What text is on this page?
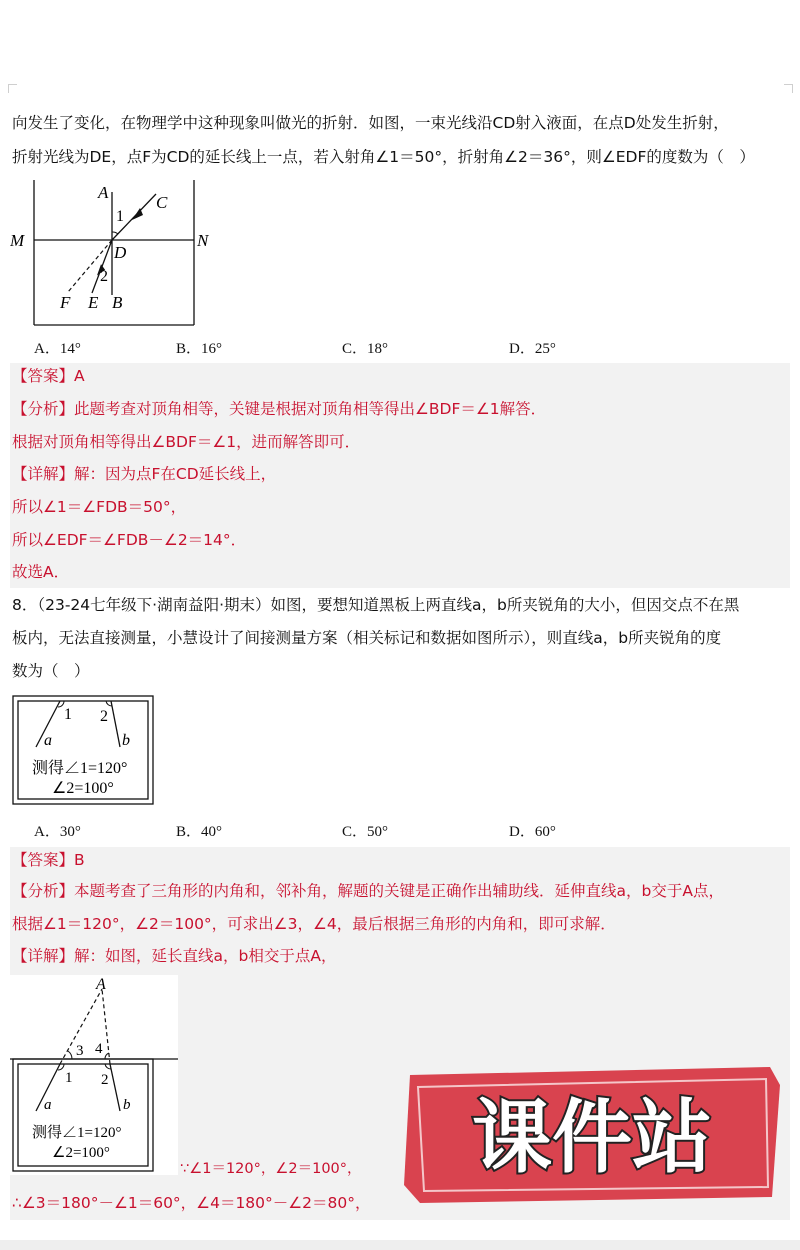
向发生了变化，在物理学中这种现象叫做光的折射．如图，一束光线沿CD射入液面，在点D处发生折射，
折射光线为DE，点F为CD的延长线上一点，若入射角∠1＝50°，折射角∠2＝36°，则∠EDF的度数为（　）
A
C
1
M
D
N
2
F E B
A．14°	B．16°	C．18°	D．25°
【答案】A
【分析】此题考查对顶角相等，关键是根据对顶角相等得出∠BDF＝∠1解答．
根据对顶角相等得出∠BDF＝∠1，进而解答即可．
【详解】解：因为点F在CD延长线上，
所以∠1＝∠FDB＝50°，
所以∠EDF＝∠FDB－∠2＝14°．
故选A．
8．（23-24七年级下·湖南益阳·期末）如图，要想知道黑板上两直线a，b所夹锐角的大小，但因交点不在黑
板内，无法直接测量，小慧设计了间接测量方案（相关标记和数据如图所示），则直线a，b所夹锐角的度
数为（　）
1 2
a	b
测得∠1=120°
∠2=100°
A．30°	B．40°	C．50°	D．60°
【答案】B
【分析】本题考查了三角形的内角和，邻补角，解题的关键是正确作出辅助线．延伸直线a，b交于A点，
根据∠1＝120°，∠2＝100°，可求出∠3，∠4，最后根据三角形的内角和，即可求解．
【详解】解：如图，延长直线a，b相交于点A，
A
3 4
1 2
a	b
测得∠1=120°
∠2=100°
∵∠1＝120°，∠2＝100°，
∴∠3＝180°－∠1＝60°，∠4＝180°－∠2＝80°，
课件站
